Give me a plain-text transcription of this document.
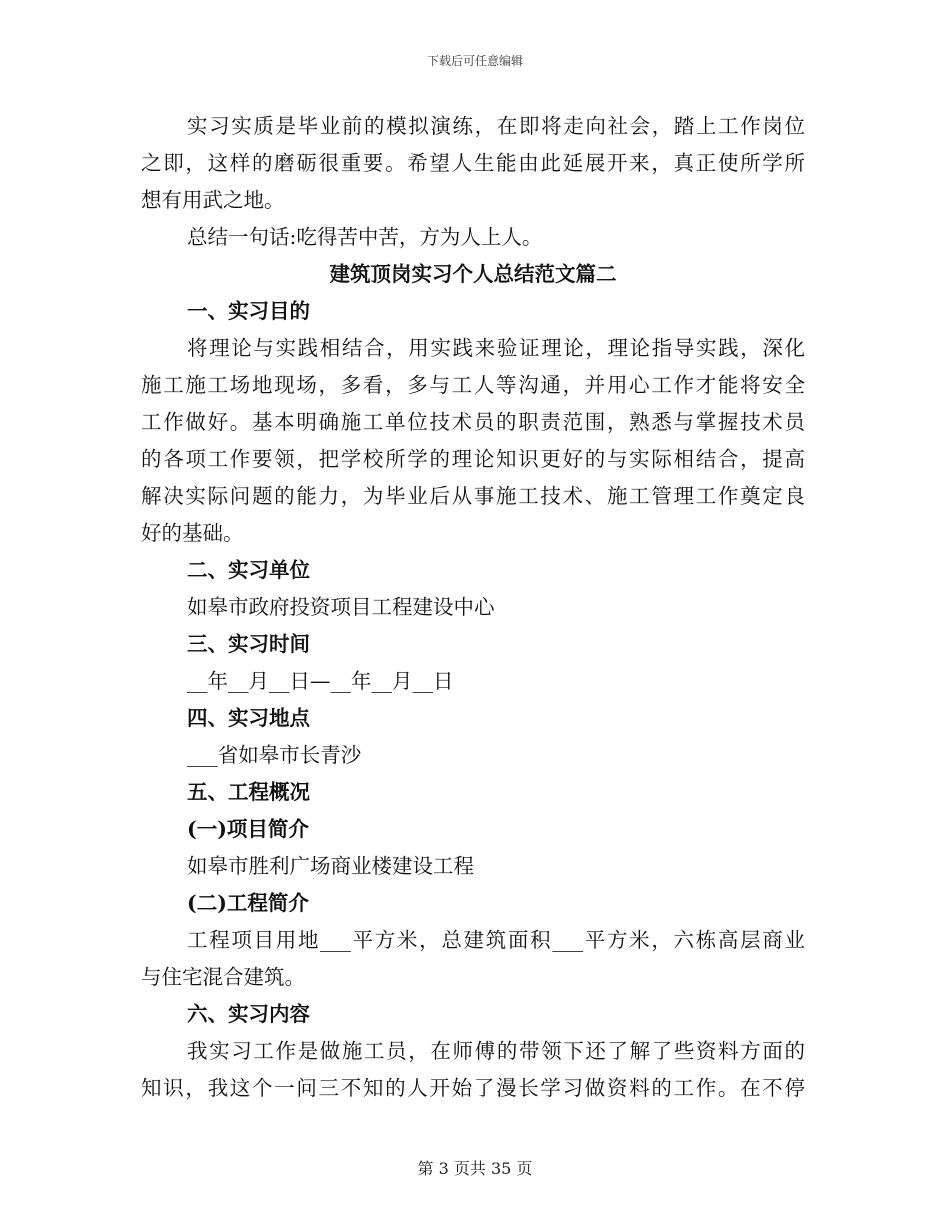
下载后可任意编辑
实习实质是毕业前的模拟演练，在即将走向社会，踏上工作岗位
之即，这样的磨砺很重要。希望人生能由此延展开来，真正使所学所
想有用武之地。
总结一句话:吃得苦中苦，方为人上人。
建筑顶岗实习个人总结范文篇二
一、实习目的
将理论与实践相结合，用实践来验证理论，理论指导实践，深化
施工施工场地现场，多看，多与工人等沟通，并用心工作才能将安全
工作做好。基本明确施工单位技术员的职责范围，熟悉与掌握技术员
的各项工作要领，把学校所学的理论知识更好的与实际相结合，提高
解决实际问题的能力，为毕业后从事施工技术、施工管理工作奠定良
好的基础。
二、实习单位
如皋市政府投资项目工程建设中心
三、实习时间
__年__月__日—__年__月__日
四、实习地点
___省如皋市长青沙
五、工程概况
(一)项目简介
如皋市胜利广场商业楼建设工程
(二)工程简介
工程项目用地___平方米，总建筑面积___平方米，六栋高层商业
与住宅混合建筑。
六、实习内容
我实习工作是做施工员，在师傅的带领下还了解了些资料方面的
知识，我这个一问三不知的人开始了漫长学习做资料的工作。在不停
第 3 页共 35 页
